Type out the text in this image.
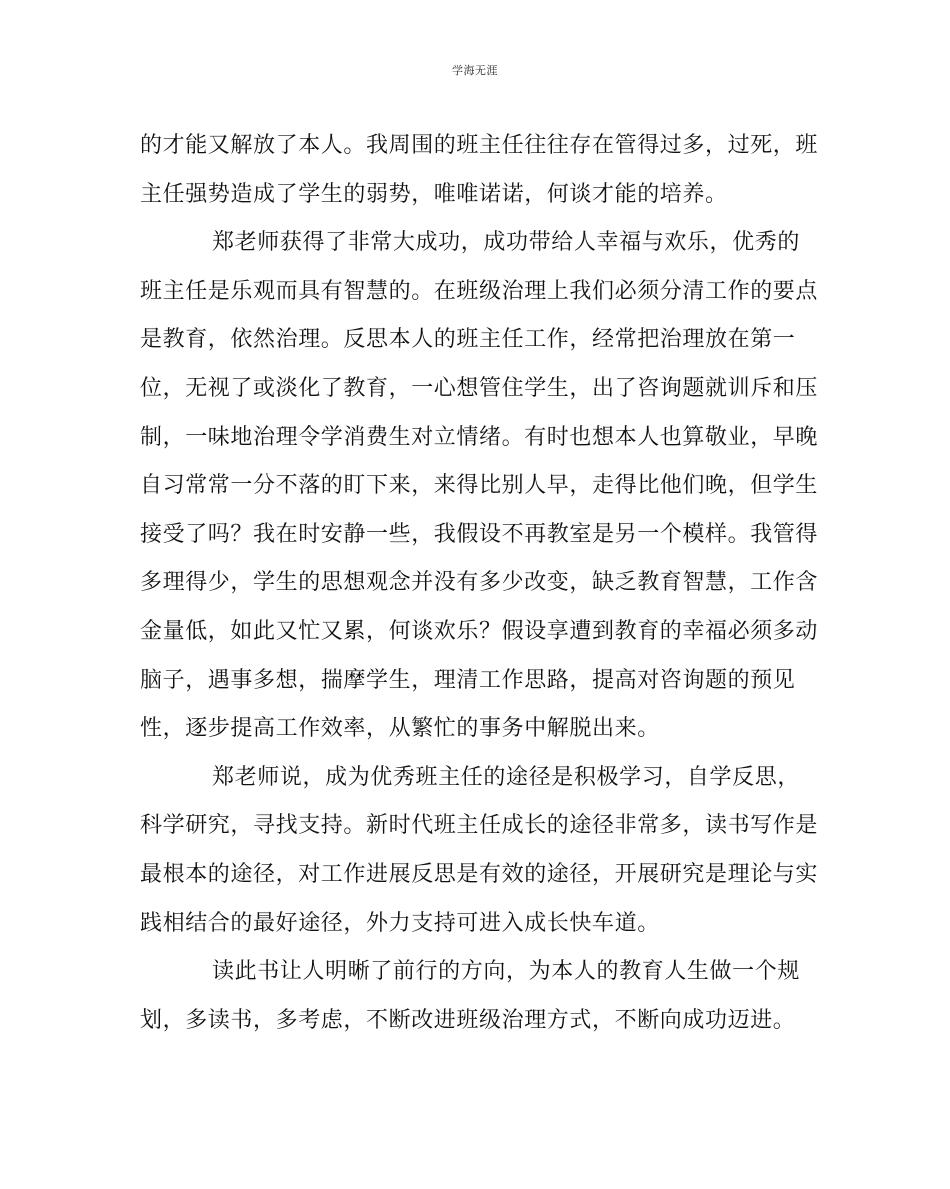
学海无涯
的才能又解放了本人。我周围的班主任往往存在管得过多，过死，班
主任强势造成了学生的弱势，唯唯诺诺，何谈才能的培养。
郑老师获得了非常大成功，成功带给人幸福与欢乐，优秀的
班主任是乐观而具有智慧的。在班级治理上我们必须分清工作的要点
是教育，依然治理。反思本人的班主任工作，经常把治理放在第一
位，无视了或淡化了教育，一心想管住学生，出了咨询题就训斥和压
制，一味地治理令学消费生对立情绪。有时也想本人也算敬业，早晚
自习常常一分不落的盯下来，来得比别人早，走得比他们晚，但学生
接受了吗？我在时安静一些，我假设不再教室是另一个模样。我管得
多理得少，学生的思想观念并没有多少改变，缺乏教育智慧，工作含
金量低，如此又忙又累，何谈欢乐？假设享遭到教育的幸福必须多动
脑子，遇事多想，揣摩学生，理清工作思路，提高对咨询题的预见
性，逐步提高工作效率，从繁忙的事务中解脱出来。
郑老师说，成为优秀班主任的途径是积极学习，自学反思，
科学研究，寻找支持。新时代班主任成长的途径非常多，读书写作是
最根本的途径，对工作进展反思是有效的途径，开展研究是理论与实
践相结合的最好途径，外力支持可进入成长快车道。
读此书让人明晰了前行的方向，为本人的教育人生做一个规
划，多读书，多考虑，不断改进班级治理方式，不断向成功迈进。
